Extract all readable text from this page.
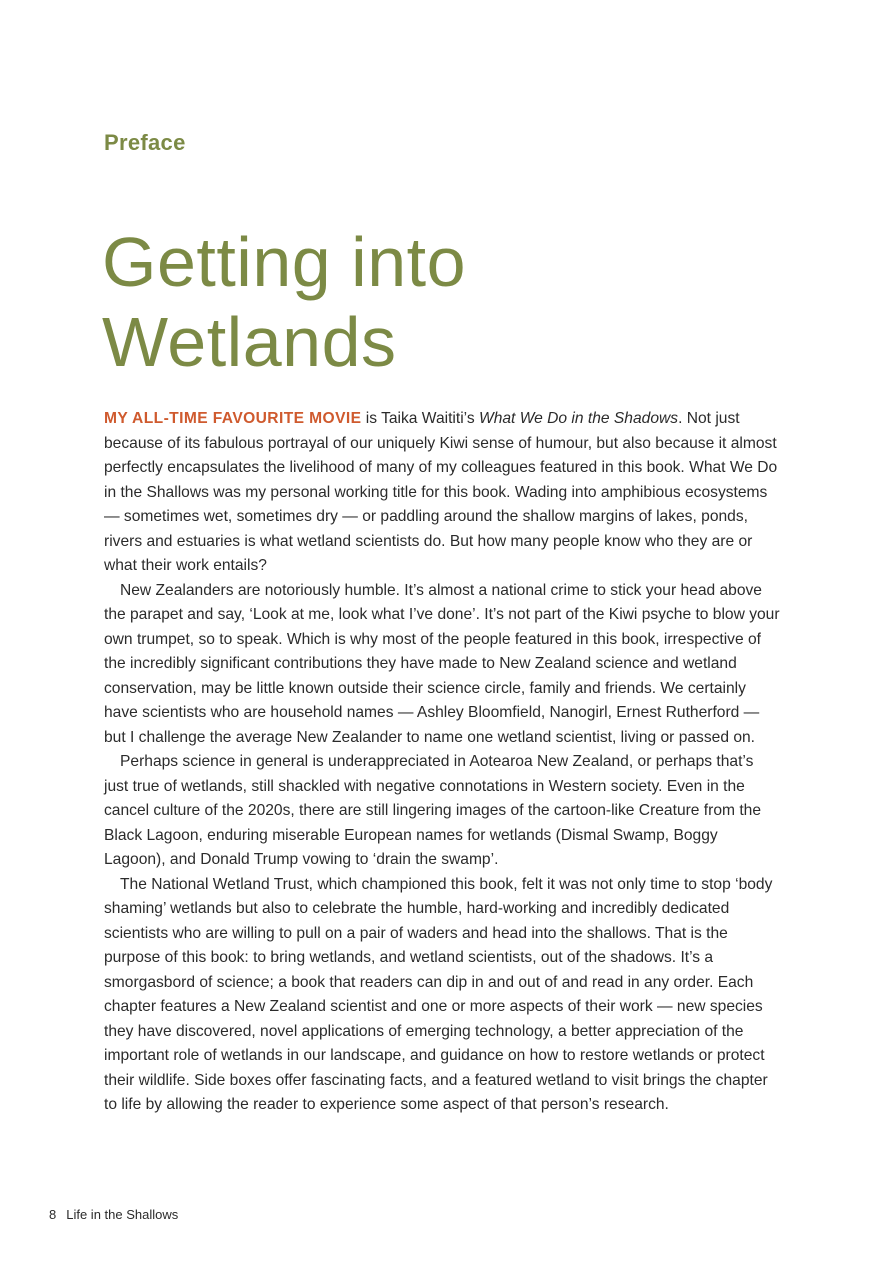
Preface
Getting into
Wetlands

MY ALL-TIME FAVOURITE MOVIE is Taika Waititi’s What We Do in the Shadows. Not just because of its fabulous portrayal of our uniquely Kiwi sense of humour, but also because it almost perfectly encapsulates the livelihood of many of my colleagues featured in this book. What We Do in the Shallows was my personal working title for this book. Wading into amphibious ecosystems — sometimes wet, sometimes dry — or paddling around the shallow margins of lakes, ponds, rivers and estuaries is what wetland scientists do. But how many people know who they are or what their work entails?

New Zealanders are notoriously humble. It’s almost a national crime to stick your head above the parapet and say, ‘Look at me, look what I’ve done’. It’s not part of the Kiwi psyche to blow your own trumpet, so to speak. Which is why most of the people featured in this book, irrespective of the incredibly significant contributions they have made to New Zealand science and wetland conservation, may be little known outside their science circle, family and friends. We certainly have scientists who are household names — Ashley Bloomfield, Nanogirl, Ernest Rutherford — but I challenge the average New Zealander to name one wetland scientist, living or passed on.

Perhaps science in general is underappreciated in Aotearoa New Zealand, or perhaps that’s just true of wetlands, still shackled with negative connotations in Western society. Even in the cancel culture of the 2020s, there are still lingering images of the cartoon-like Creature from the Black Lagoon, enduring miserable European names for wetlands (Dismal Swamp, Boggy Lagoon), and Donald Trump vowing to ‘drain the swamp’.

The National Wetland Trust, which championed this book, felt it was not only time to stop ‘body shaming’ wetlands but also to celebrate the humble, hard-working and incredibly dedicated scientists who are willing to pull on a pair of waders and head into the shallows. That is the purpose of this book: to bring wetlands, and wetland scientists, out of the shadows. It’s a smorgasbord of science; a book that readers can dip in and out of and read in any order. Each chapter features a New Zealand scientist and one or more aspects of their work — new species they have discovered, novel applications of emerging technology, a better appreciation of the important role of wetlands in our landscape, and guidance on how to restore wetlands or protect their wildlife. Side boxes offer fascinating facts, and a featured wetland to visit brings the chapter to life by allowing the reader to experience some aspect of that person’s research.

8 Life in the Shallows
